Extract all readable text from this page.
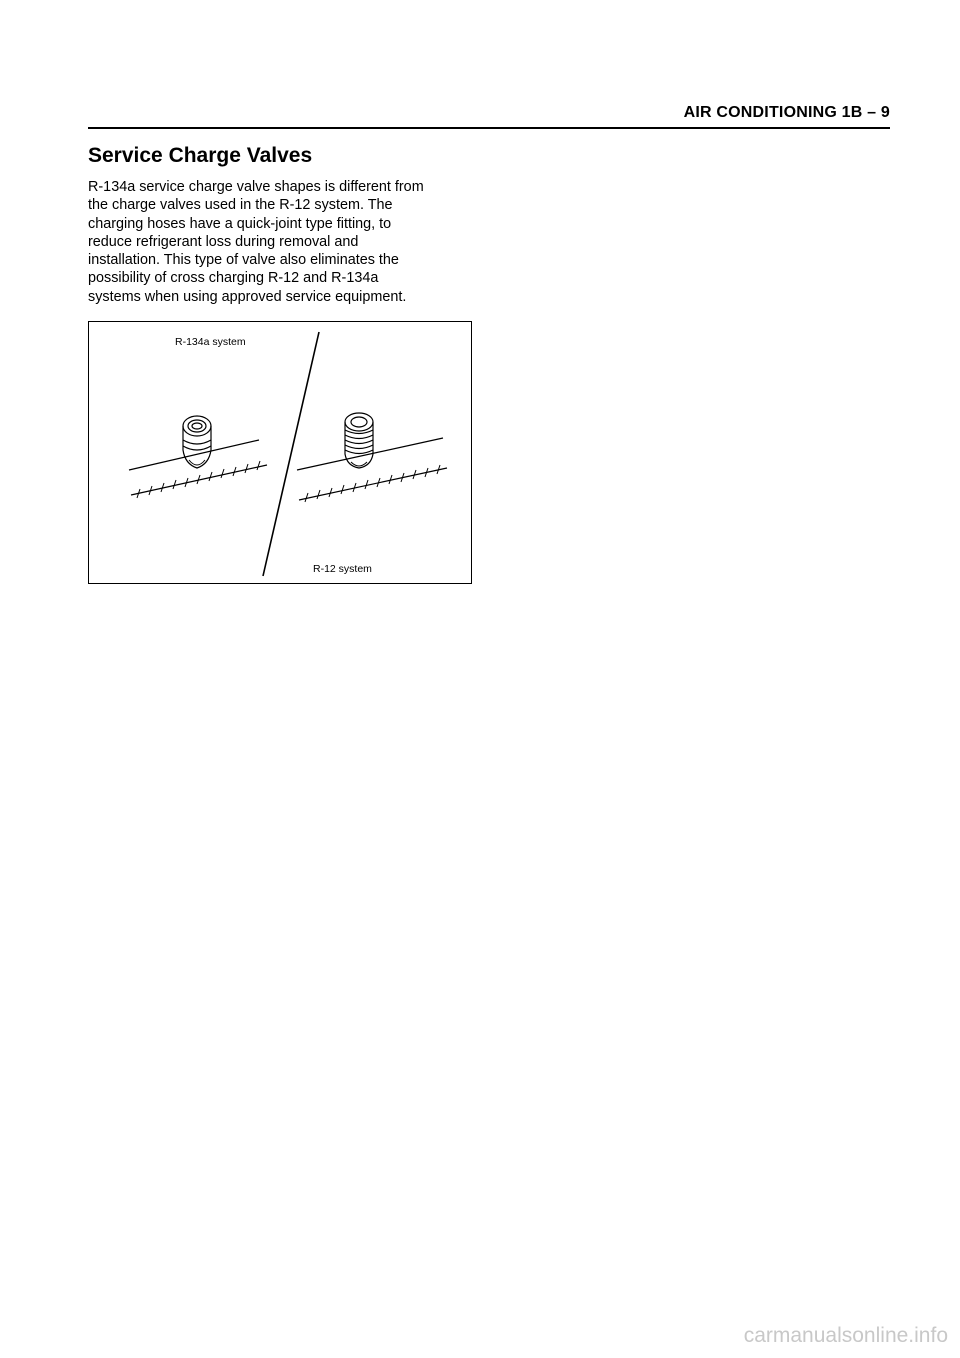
AIR CONDITIONING 1B – 9
Service Charge Valves

R-134a service charge valve shapes is different from
the charge valves used in the R-12 system. The
charging hoses have a quick-joint type fitting, to
reduce refrigerant loss during removal and
installation. This type of valve also eliminates the
possibility of cross charging R-12 and R-134a
systems when using approved service equipment.

R-134a system
R-12 system
carmanualsonline.info
